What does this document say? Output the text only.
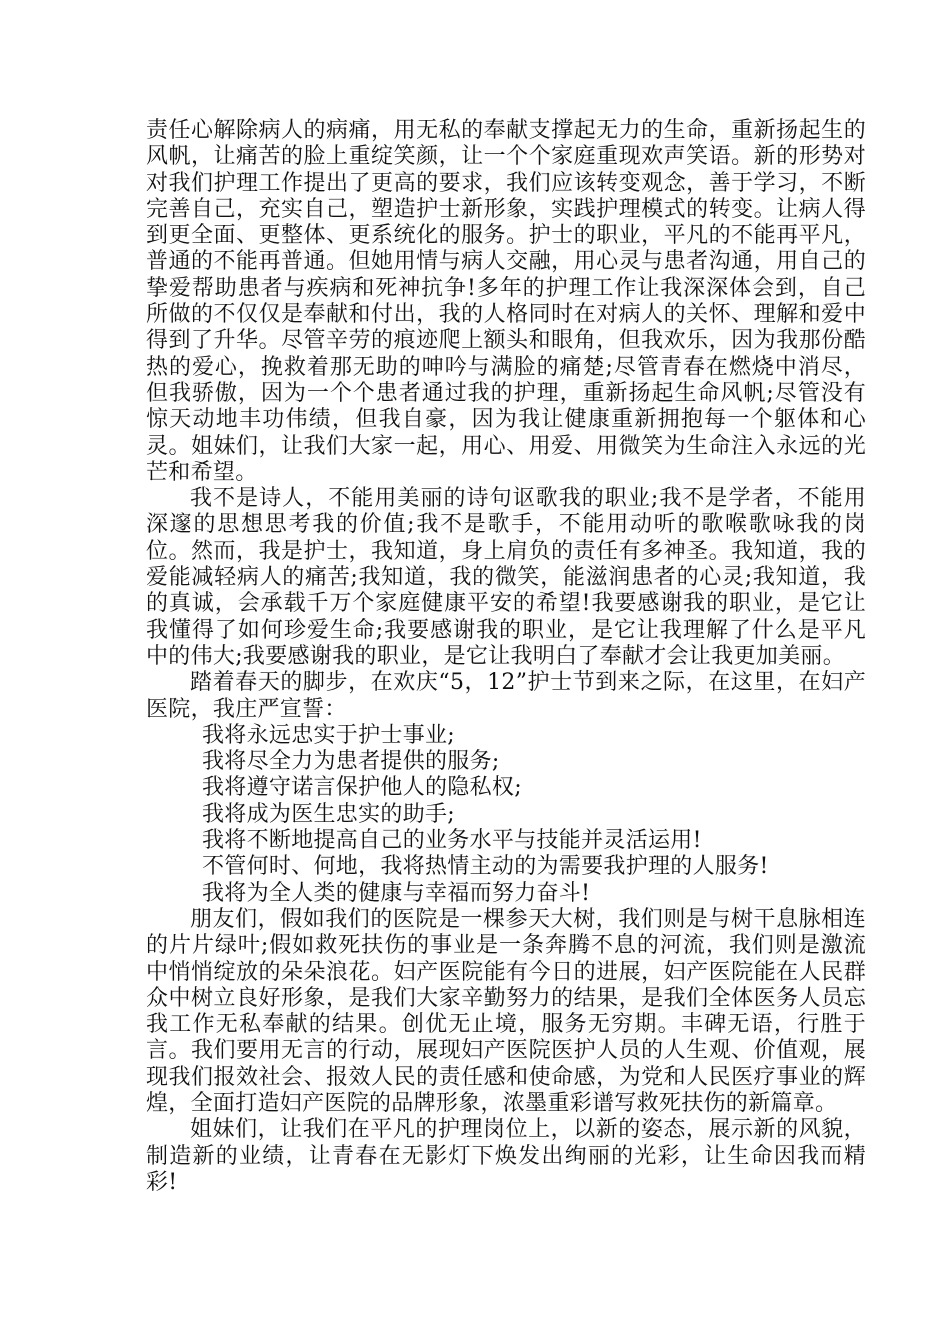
责任心解除病人的病痛，用无私的奉献支撑起无力的生命，重新扬起生的风帆，让痛苦的脸上重绽笑颜，让一个个家庭重现欢声笑语。新的形势对对我们护理工作提出了更高的要求，我们应该转变观念，善于学习，不断完善自己，充实自己，塑造护士新形象，实践护理模式的转变。让病人得到更全面、更整体、更系统化的服务。护士的职业，平凡的不能再平凡，普通的不能再普通。但她用情与病人交融，用心灵与患者沟通，用自己的挚爱帮助患者与疾病和死神抗争!多年的护理工作让我深深体会到，自己所做的不仅仅是奉献和付出，我的人格同时在对病人的关怀、理解和爱中得到了升华。尽管辛劳的痕迹爬上额头和眼角，但我欢乐，因为我那份酷热的爱心，挽救着那无助的呻吟与满脸的痛楚;尽管青春在燃烧中消尽，但我骄傲，因为一个个患者通过我的护理，重新扬起生命风帆;尽管没有惊天动地丰功伟绩，但我自豪，因为我让健康重新拥抱每一个躯体和心灵。姐妹们，让我们大家一起，用心、用爱、用微笑为生命注入永远的光芒和希望。

我不是诗人，不能用美丽的诗句讴歌我的职业;我不是学者，不能用深邃的思想思考我的价值;我不是歌手，不能用动听的歌喉歌咏我的岗位。然而，我是护士，我知道，身上肩负的责任有多神圣。我知道，我的爱能减轻病人的痛苦;我知道，我的微笑，能滋润患者的心灵;我知道，我的真诚，会承载千万个家庭健康平安的希望!我要感谢我的职业，是它让我懂得了如何珍爱生命;我要感谢我的职业，是它让我理解了什么是平凡中的伟大;我要感谢我的职业，是它让我明白了奉献才会让我更加美丽。

踏着春天的脚步，在欢庆“5，12”护士节到来之际，在这里，在妇产医院，我庄严宣誓：

我将永远忠实于护士事业;

我将尽全力为患者提供的服务;

我将遵守诺言保护他人的隐私权;

我将成为医生忠实的助手;

我将不断地提高自己的业务水平与技能并灵活运用!

不管何时、何地，我将热情主动的为需要我护理的人服务!

我将为全人类的健康与幸福而努力奋斗!

朋友们，假如我们的医院是一棵参天大树，我们则是与树干息脉相连的片片绿叶;假如救死扶伤的事业是一条奔腾不息的河流，我们则是激流中悄悄绽放的朵朵浪花。妇产医院能有今日的进展，妇产医院能在人民群众中树立良好形象，是我们大家辛勤努力的结果，是我们全体医务人员忘我工作无私奉献的结果。创优无止境，服务无穷期。丰碑无语，行胜于言。我们要用无言的行动，展现妇产医院医护人员的人生观、价值观，展现我们报效社会、报效人民的责任感和使命感，为党和人民医疗事业的辉煌，全面打造妇产医院的品牌形象，浓墨重彩谱写救死扶伤的新篇章。

姐妹们，让我们在平凡的护理岗位上，以新的姿态，展示新的风貌，制造新的业绩，让青春在无影灯下焕发出绚丽的光彩，让生命因我而精彩!
